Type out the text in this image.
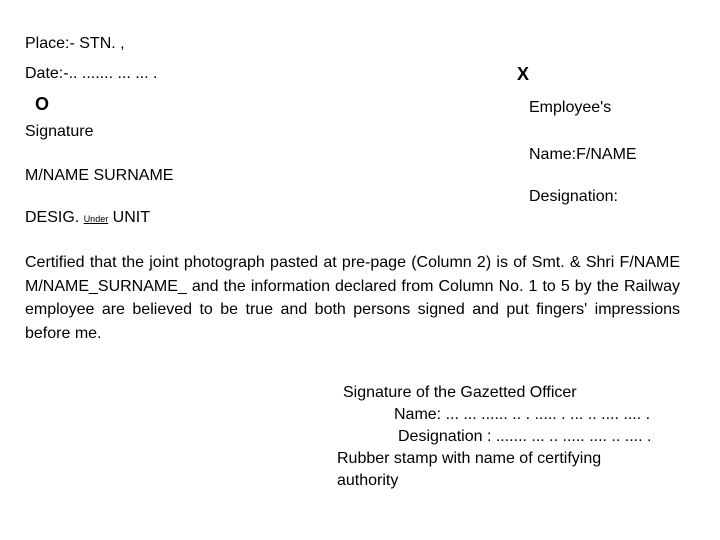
Place:- STN. ,
Date:-.. ....... ... ... .
O
X
Employee's
Signature
Name:F/NAME
M/NAME SURNAME
Designation:
DESIG. Under UNIT
Certified that the joint photograph pasted at pre-page (Column 2) is of Smt. & Shri F/NAME M/NAME_SURNAME_ and the information declared from Column No. 1 to 5 by the Railway employee are believed to be true and both persons signed and put fingers' impressions before me.
Signature of the Gazetted Officer
Name: ... ... ...... .. . ..... . ... .. .... .... .
Designation : ....... ... .. ..... .... .. .... .
Rubber stamp with name of certifying
authority
